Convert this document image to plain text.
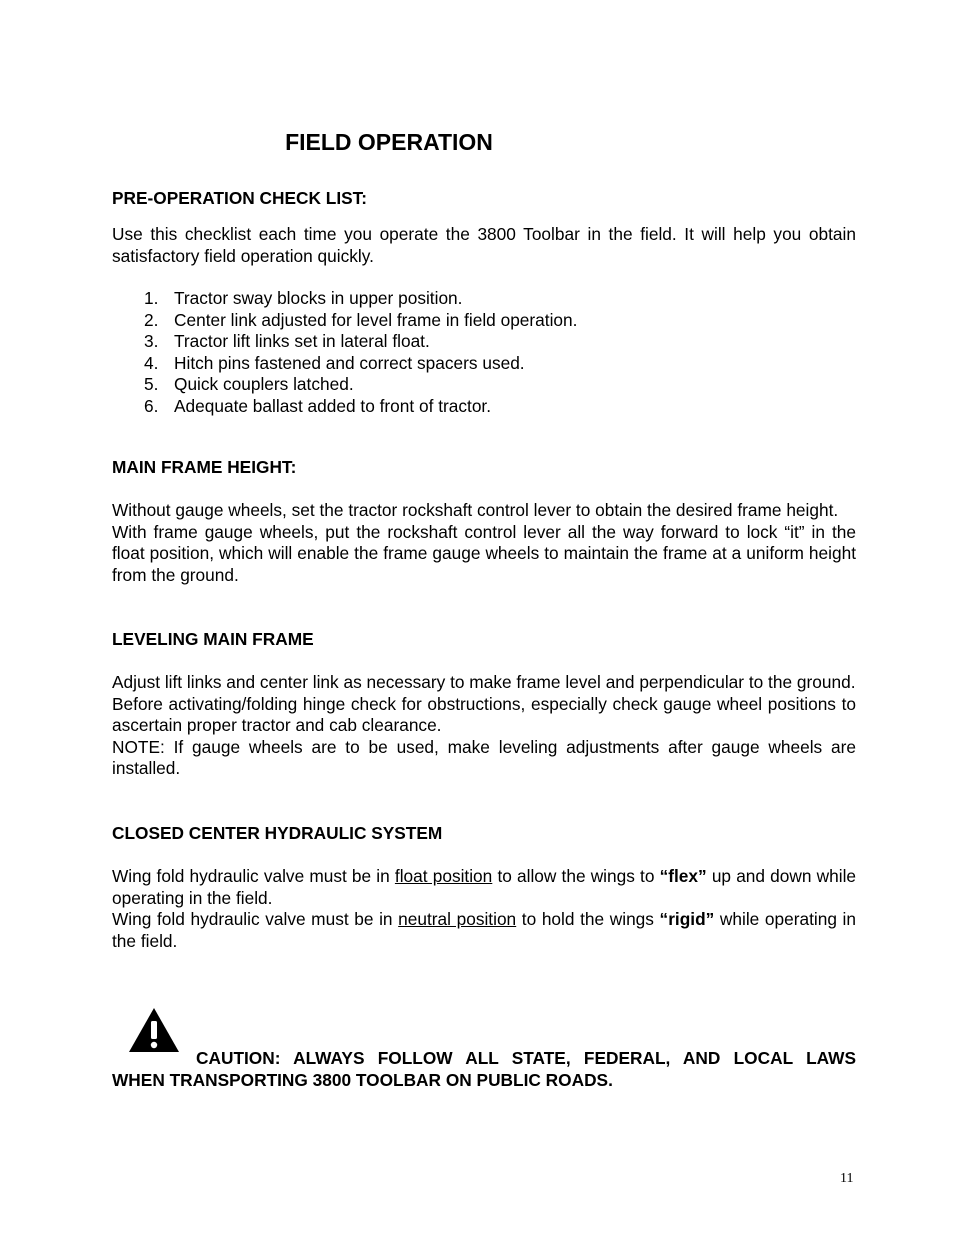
FIELD OPERATION
PRE-OPERATION CHECK LIST:

Use this checklist each time you operate the 3800 Toolbar in the field. It will help you obtain satisfactory field operation quickly.

1. Tractor sway blocks in upper position.
2. Center link adjusted for level frame in field operation.
3. Tractor lift links set in lateral float.
4. Hitch pins fastened and correct spacers used.
5. Quick couplers latched.
6. Adequate ballast added to front of tractor.
MAIN FRAME HEIGHT:
Without gauge wheels, set the tractor rockshaft control lever to obtain the desired frame height.
With frame gauge wheels, put the rockshaft control lever all the way forward to lock “it” in the float position, which will enable the frame gauge wheels to maintain the frame at a uniform height from the ground.
LEVELING MAIN FRAME
Adjust lift links and center link as necessary to make frame level and perpendicular to the ground.
Before activating/folding hinge check for obstructions, especially check gauge wheel positions to ascertain proper tractor and cab clearance.
NOTE: If gauge wheels are to be used, make leveling adjustments after gauge wheels are installed.
CLOSED CENTER HYDRAULIC SYSTEM
Wing fold hydraulic valve must be in float position to allow the wings to “flex” up and down while operating in the field.
Wing fold hydraulic valve must be in neutral position to hold the wings “rigid” while operating in the field.
CAUTION: ALWAYS FOLLOW ALL STATE, FEDERAL, AND LOCAL LAWS
WHEN TRANSPORTING 3800 TOOLBAR ON PUBLIC ROADS.
11
